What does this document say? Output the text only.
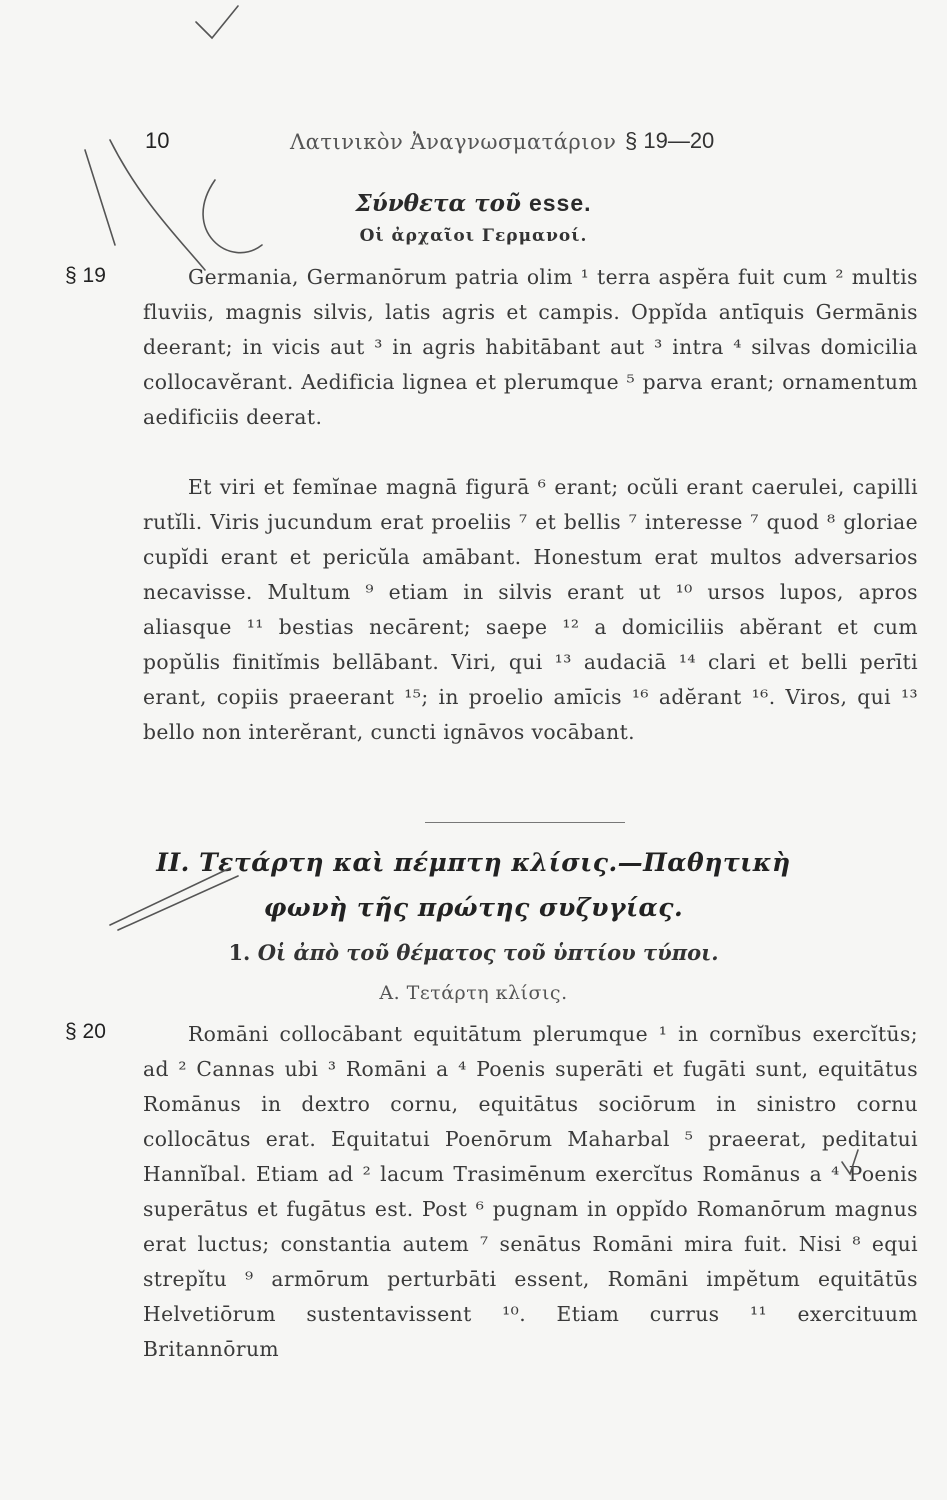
10	Λατινικὸν Ἀναγνωσματάριον § 19—20
Σύνθετα τοῦ esse.
Οἱ ἀρχαῖοι Γερμανοί.
§ 19	Germania, Germanōrum patria olim ¹ terra aspĕra fuit cum ² multis fluviis, magnis silvis, latis agris et campis. Oppĭda antīquis Germānis deerant; in vicis aut ³ in agris habitābant aut ³ intra ⁴ silvas domicilia collocavĕrant. Aedificia lignea et plerumque ⁵ parva erant; ornamentum aedificiis deerat.
Et viri et femĭnae magnā figurā ⁶ erant; ocŭli erant caerulei, capilli rutĭli. Viris jucundum erat proeliis ⁷ et bellis ⁷ interesse ⁷ quod ⁸ gloriae cupĭdi erant et pericŭla amābant. Honestum erat multos adversarios necavisse. Multum ⁹ etiam in silvis erant ut ¹⁰ ursos lupos, apros aliasque ¹¹ bestias necārent; saepe ¹² a domiciliis abĕrant et cum popŭlis finitĭmis bellābant. Viri, qui ¹³ audaciā ¹⁴ clari et belli perīti erant, copiis praeerant ¹⁵; in proelio amīcis ¹⁶ adĕrant ¹⁶. Viros, qui ¹³ bello non interĕrant, cuncti ignāvos vocābant.
II. Τετάρτη καὶ πέμπτη κλίσις.—Παθητικὴ
φωνὴ τῆς πρώτης συζυγίας.
1. Οἱ ἀπὸ τοῦ θέματος τοῦ ὑπτίου τύποι.
Α. Τετάρτη κλίσις.
§ 20	Romāni collocābant equitātum plerumque ¹ in cornĭbus exercĭtūs; ad ² Cannas ubi ³ Romāni a ⁴ Poenis superāti et fugāti sunt, equitātus Romānus in dextro cornu, equitātus sociōrum in sinistro cornu collocātus erat. Equitatui Poenōrum Maharbal ⁵ praeerat, peditatui Hannĭbal. Etiam ad ² lacum Trasimēnum exercĭtus Romānus a ⁴ Poenis superātus et fugātus est. Post ⁶ pugnam in oppĭdo Romanōrum magnus erat luctus; constantia autem ⁷ senātus Romāni mira fuit. Nisi ⁸ equi strepĭtu ⁹ armōrum perturbāti essent, Romāni impĕtum equitātūs Helvetiōrum sustentavissent ¹⁰. Etiam currus ¹¹ exercituum Britannōrum
